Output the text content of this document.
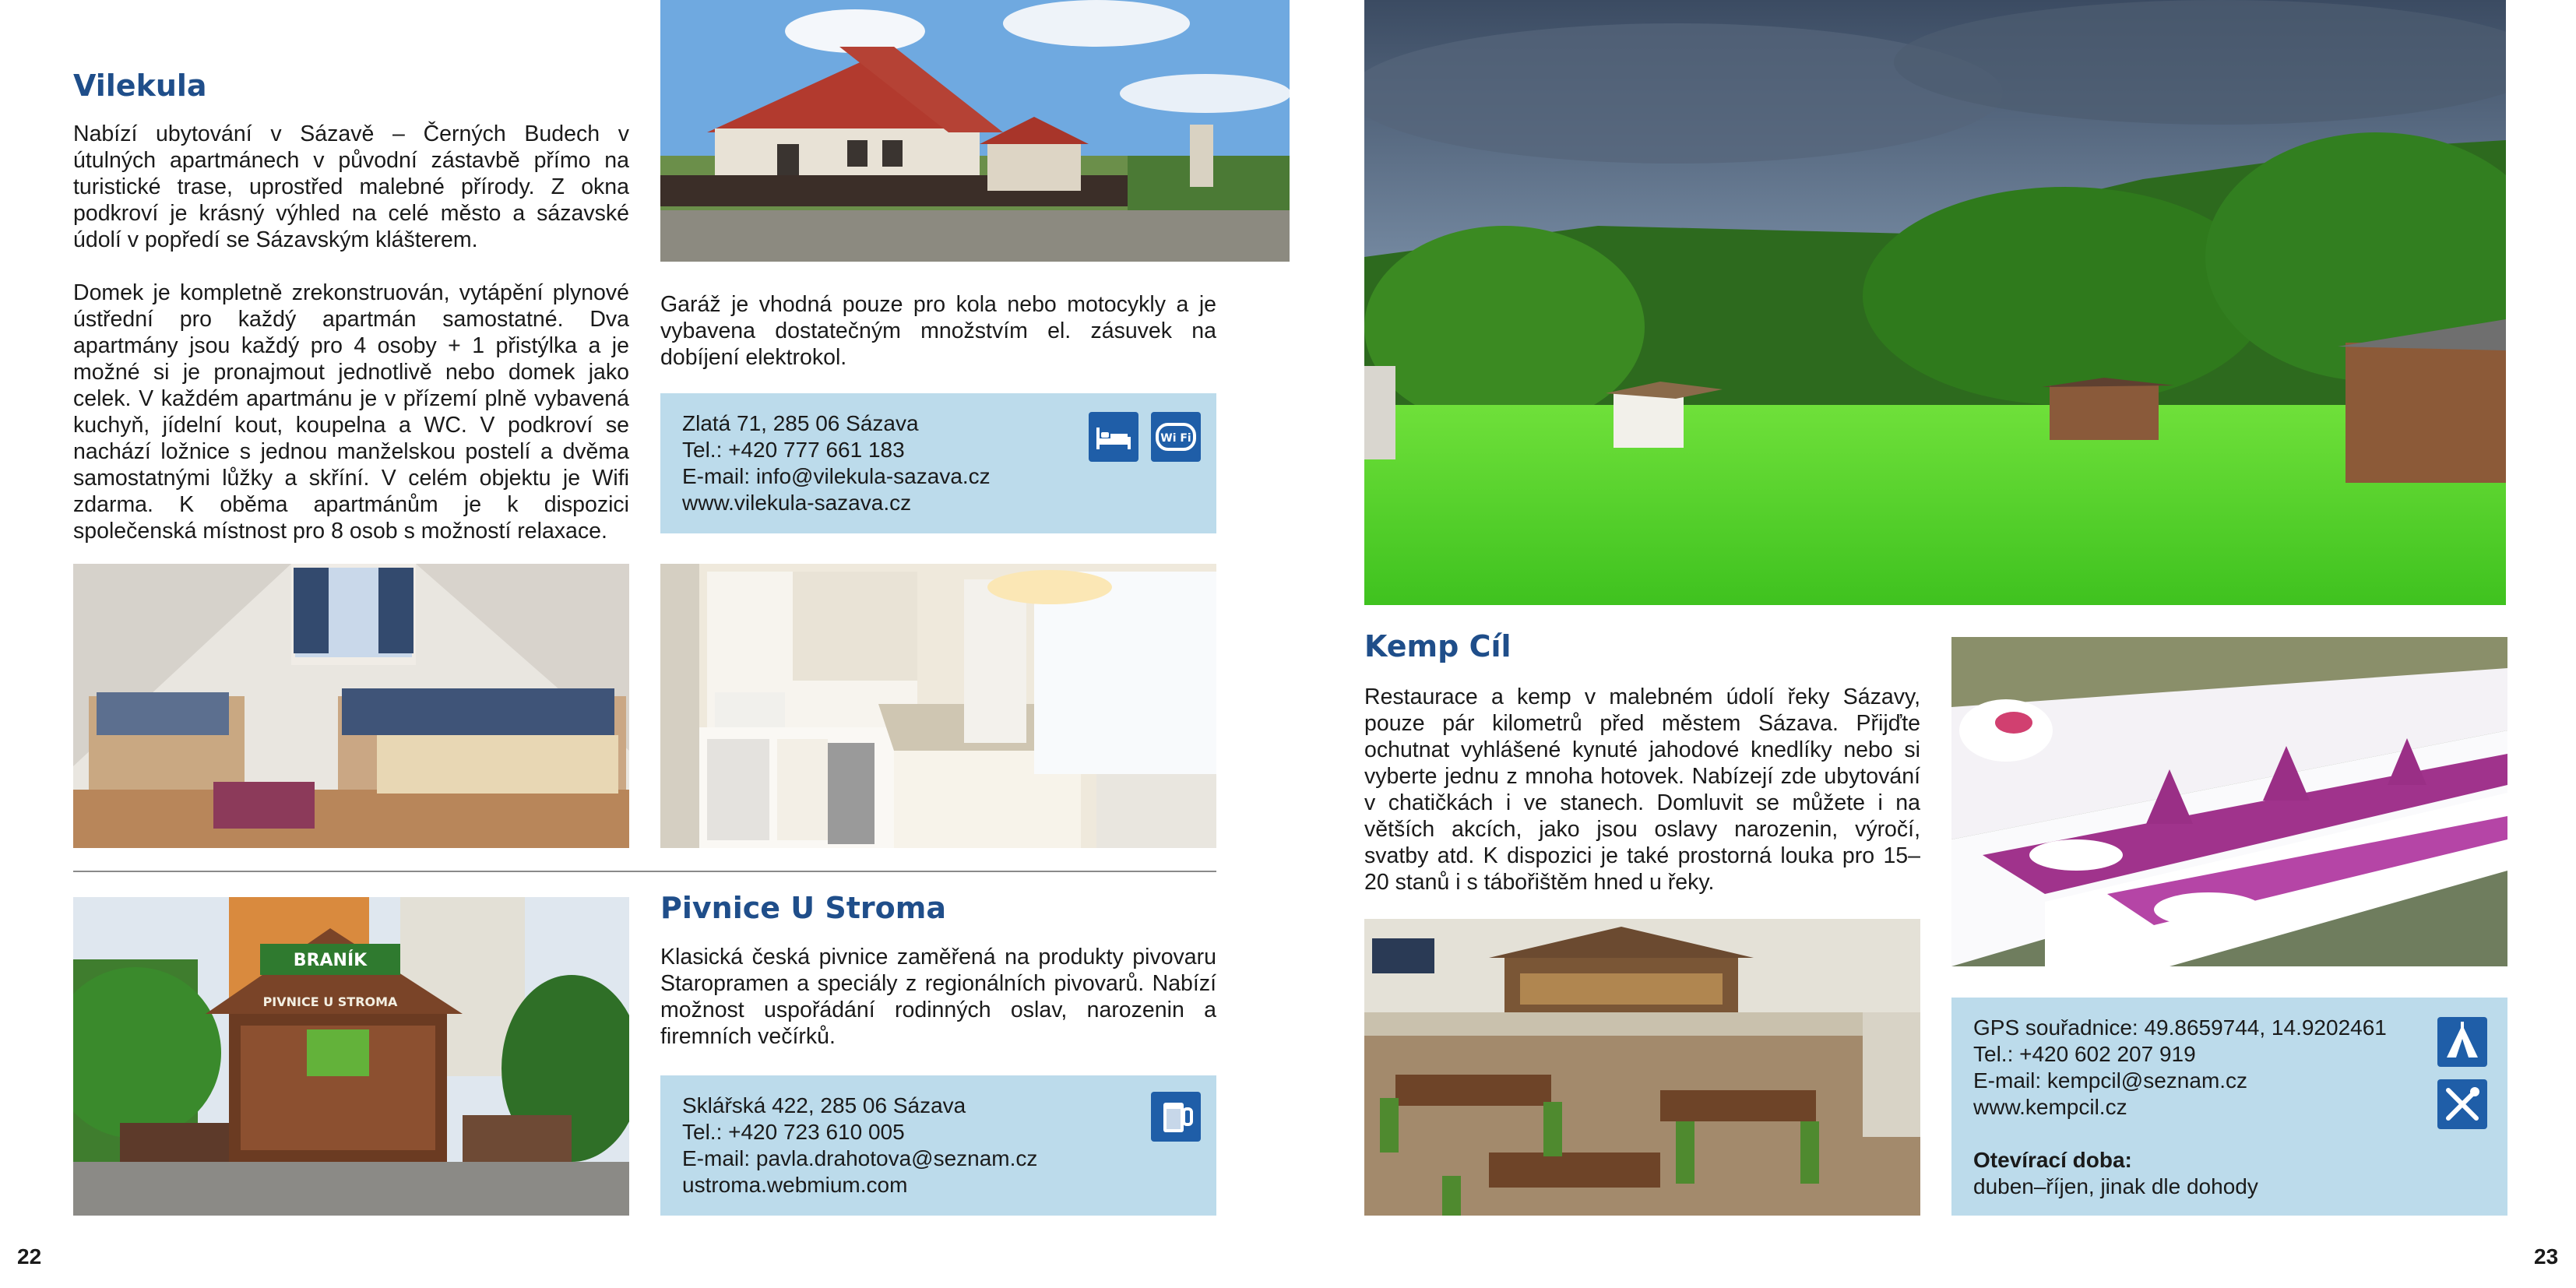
Vilekula

Nabízí ubytování v Sázavě – Černých Budech v útulných apartmánech v původní zástavbě přímo na turistické trase, uprostřed malebné přírody. Z okna podkroví je krásný výhled na celé město a sázavské údolí v popředí se Sázavským klášterem.

Domek je kompletně zrekonstruován, vytápění plynové ústřední pro každý apartmán samostatné. Dva apartmány jsou každý pro 4 osoby + 1 přistýlka a je možné si je pronajmout jednotlivě nebo domek jako celek. V každém apartmánu je v přízemí plně vybavená kuchyň, jídelní kout, koupelna a WC. V podkroví se nachází ložnice s jednou manželskou postelí a dvěma samostatnými lůžky a skříní. V celém objektu je Wifi zdarma. K oběma apartmánům je k dispozici společenská místnost pro 8 osob s možností relaxace.

Garáž je vhodná pouze pro kola nebo motocykly a je vybavena dostatečným množstvím el. zásuvek na dobíjení elektrokol.

Zlatá 71, 285 06 Sázava
Tel.: +420 777 661 183
E-mail: info@vilekula-sazava.cz
www.vilekula-sazava.cz
Wi Fi
BRANÍK
PIVNICE U STROMA
Pivnice U Stroma

Klasická česká pivnice zaměřená na produkty pivovaru Staropramen a speciály z regionálních pivovarů. Nabízí možnost uspořádání rodinných oslav, narozenin a firemních večírků.

Sklářská 422, 285 06 Sázava
Tel.: +420 723 610 005
E-mail: pavla.drahotova@seznam.cz
ustroma.webmium.com
22
Kemp Cíl

Restaurace a kemp v malebném údolí řeky Sázavy, pouze pár kilometrů před městem Sázava. Přijďte ochutnat vyhlášené kynuté jahodové knedlíky nebo si vyberte jednu z mnoha hotovek. Nabízejí zde ubytování v chatičkách i ve stanech. Domluvit se můžete i na větších akcích, jako jsou oslavy narozenin, výročí, svatby atd. K dispozici je také prostorná louka pro 15–20 stanů i s tábořištěm hned u řeky.

GPS souřadnice: 49.8659744, 14.9202461
Tel.: +420 602 207 919
E-mail: kempcil@seznam.cz
www.kempcil.cz
Otevírací doba:
duben–říjen, jinak dle dohody
23
